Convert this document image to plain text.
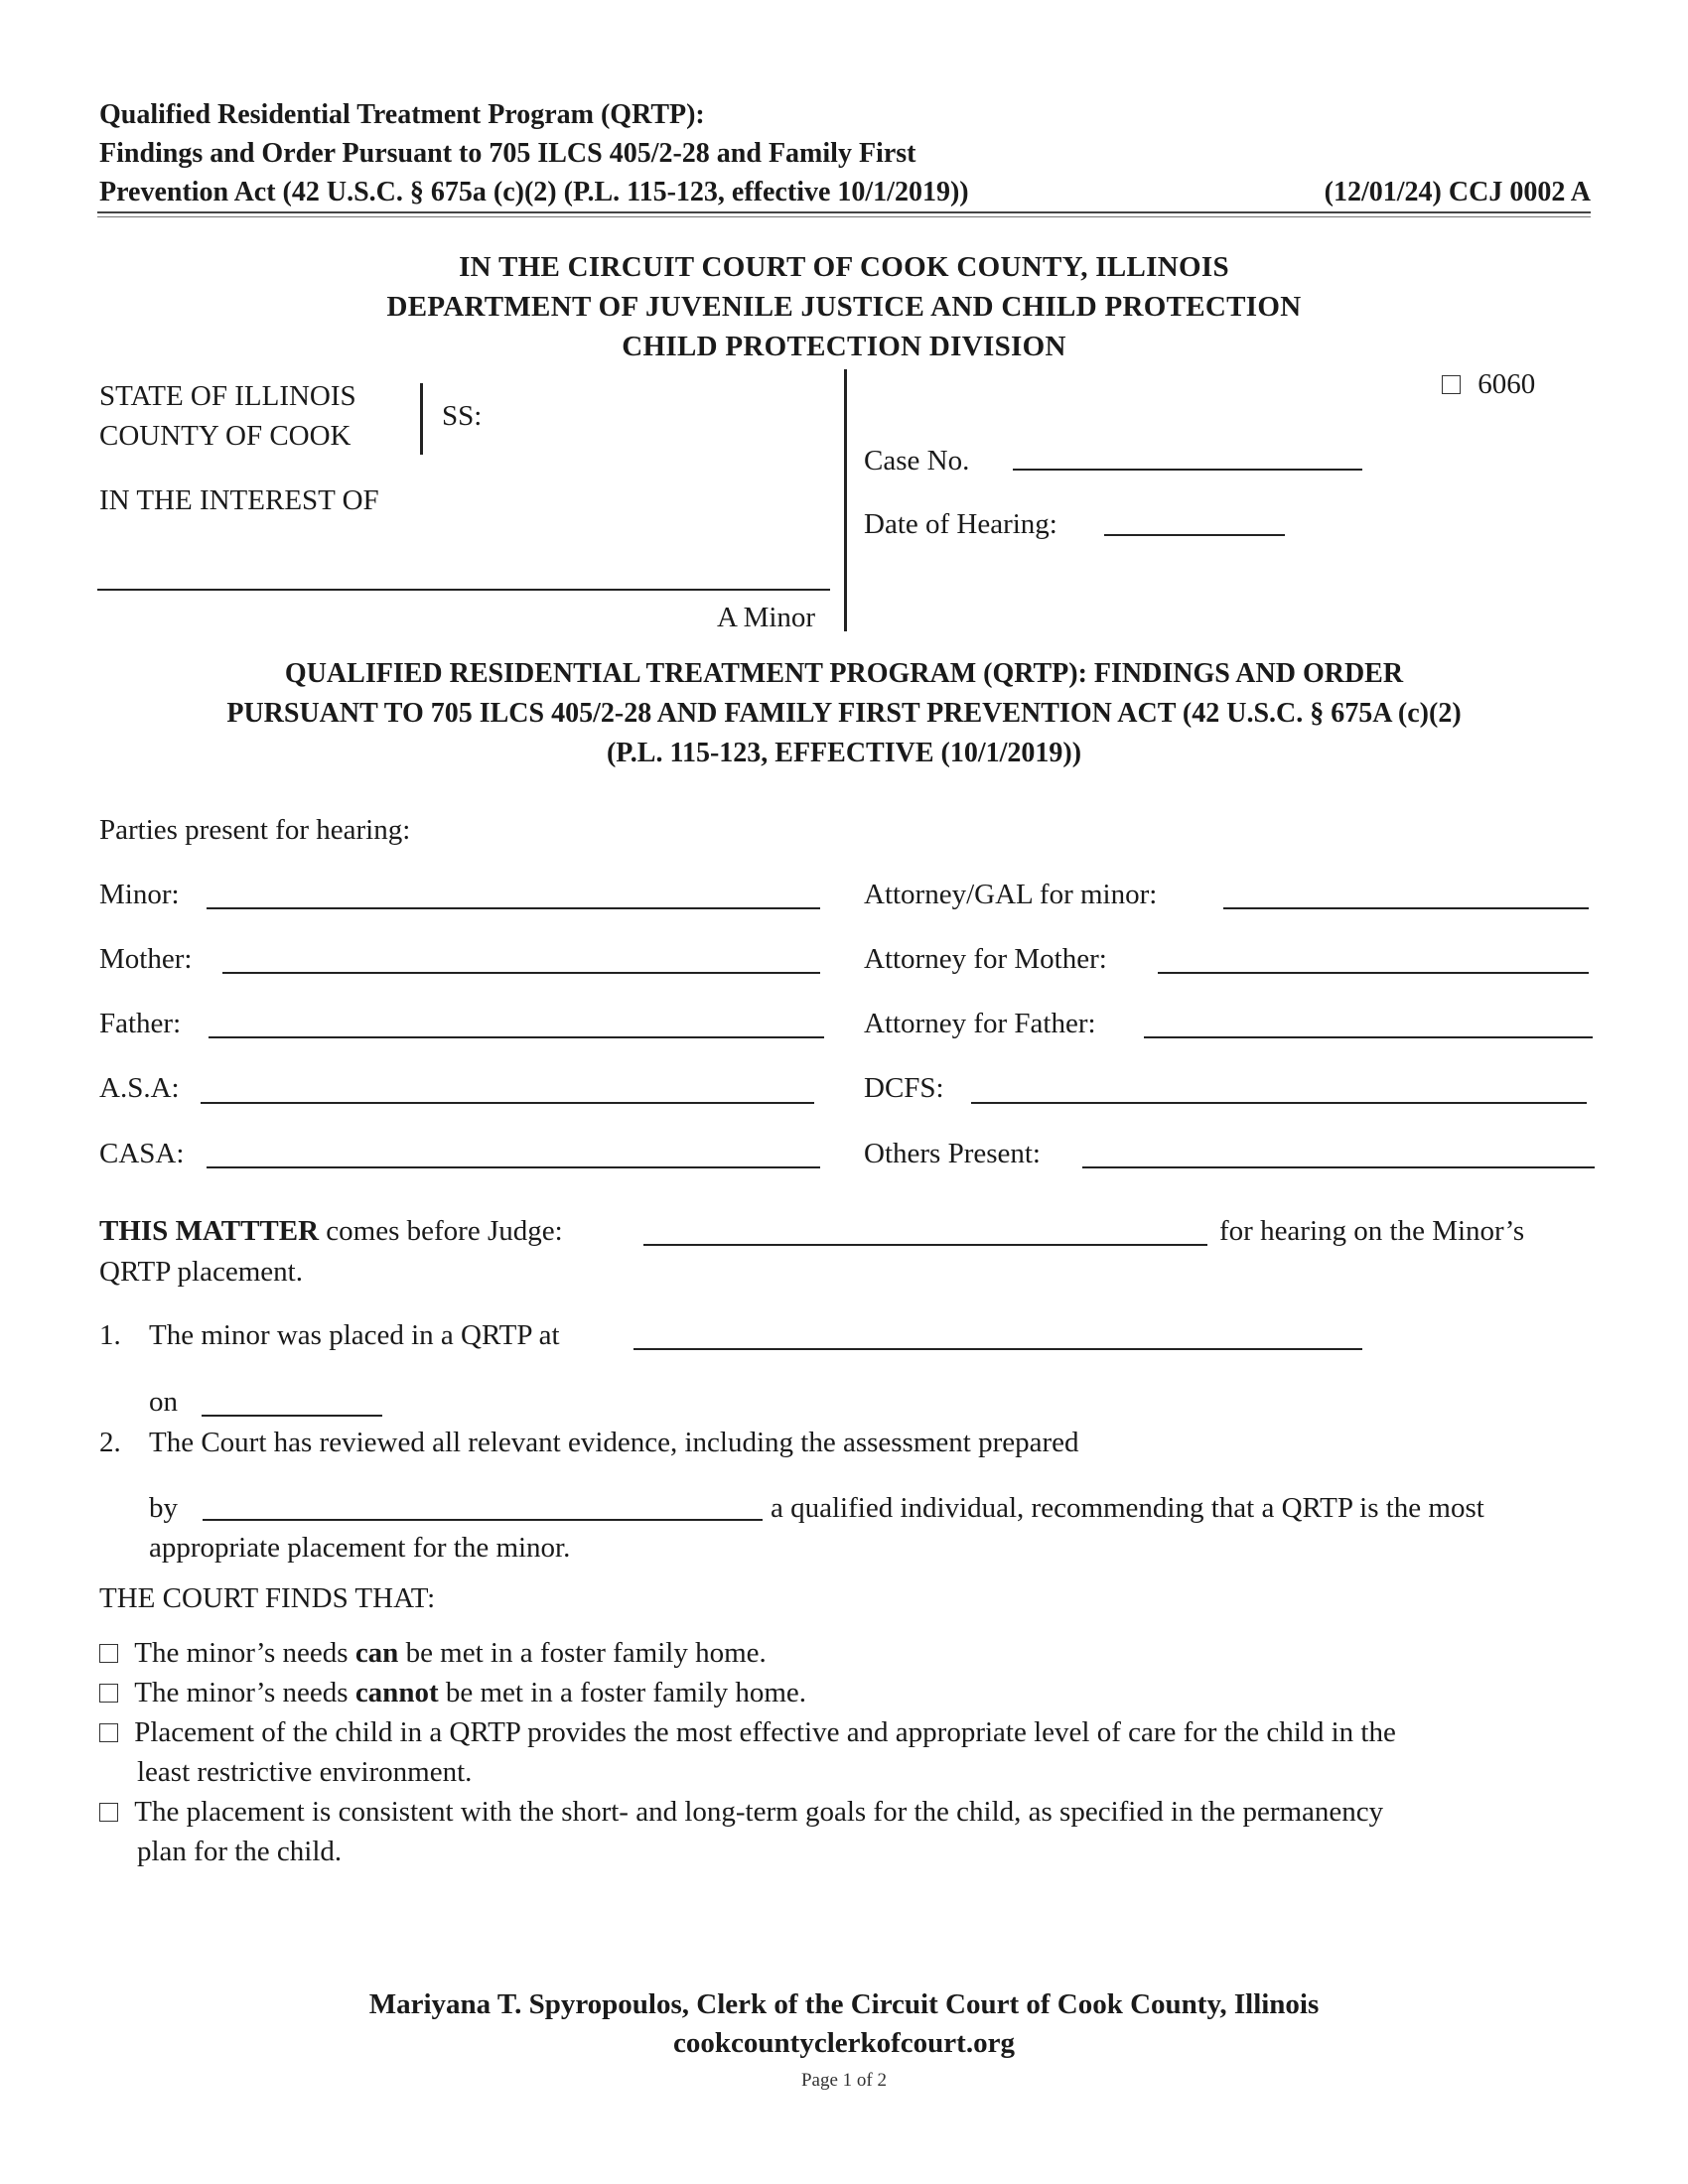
Qualified Residential Treatment Program (QRTP):
Findings and Order Pursuant to 705 ILCS 405/2-28 and Family First
Prevention Act (42 U.S.C. § 675a (c)(2) (P.L. 115-123, effective 10/1/2019))	(12/01/24) CCJ 0002 A
IN THE CIRCUIT COURT OF COOK COUNTY, ILLINOIS
DEPARTMENT OF JUVENILE JUSTICE AND CHILD PROTECTION
CHILD PROTECTION DIVISION
STATE OF ILLINOIS
COUNTY OF COOK
SS:
IN THE INTEREST OF
A Minor
6060
Case No.
Date of Hearing:
QUALIFIED RESIDENTIAL TREATMENT PROGRAM (QRTP): FINDINGS AND ORDER
PURSUANT TO 705 ILCS 405/2-28 AND FAMILY FIRST PREVENTION ACT (42 U.S.C. § 675A (c)(2)
(P.L. 115-123, EFFECTIVE (10/1/2019))
Parties present for hearing:
Minor:	Attorney/GAL for minor:
Mother:	Attorney for Mother:
Father:	Attorney for Father:
A.S.A:	DCFS:
CASA:	Others Present:
THIS MATTTER comes before Judge:	for hearing on the Minor’s
QRTP placement.
1. The minor was placed in a QRTP at
on
2. The Court has reviewed all relevant evidence, including the assessment prepared
by	a qualified individual, recommending that a QRTP is the most
appropriate placement for the minor.
THE COURT FINDS THAT:
The minor’s needs can be met in a foster family home.
The minor’s needs cannot be met in a foster family home.
Placement of the child in a QRTP provides the most effective and appropriate level of care for the child in the
least restrictive environment.
The placement is consistent with the short- and long-term goals for the child, as specified in the permanency
plan for the child.
Mariyana T. Spyropoulos, Clerk of the Circuit Court of Cook County, Illinois
cookcountyclerkofcourt.org
Page 1 of 2
